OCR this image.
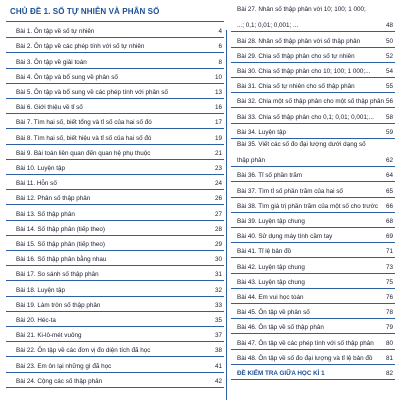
CHỦ ĐỀ 1. SỐ TỰ NHIÊN VÀ PHÂN SỐ
Bài 1. Ôn tập về số tự nhiên	4
Bài 2. Ôn tập về các phép tính với số tự nhiên	6
Bài 3. Ôn tập về giải toán	8
Bài 4. Ôn tập và bổ sung về phân số	10
Bài 5. Ôn tập và bổ sung về các phép tính với phân số	13
Bài 6. Giới thiệu về tỉ số	16
Bài 7. Tìm hai số, biết tổng và tỉ số của hai số đó	17
Bài 8. Tìm hai số, biết hiệu và tỉ số của hai số đó	19
Bài 9. Bài toán liên quan đến quan hệ phụ thuộc	21
Bài 10. Luyện tập	23
Bài 11. Hỗn số	24
Bài 12. Phân số thập phân	26
Bài 13. Số thập phân	27
Bài 14. Số thập phân (tiếp theo)	28
Bài 15. Số thập phân (tiếp theo)	29
Bài 16. Số thập phân bằng nhau	30
Bài 17. So sánh số thập phân	31
Bài 18. Luyện tập	32
Bài 19. Làm tròn số thập phân	33
Bài 20. Héc-ta	35
Bài 21. Ki-lô-mét vuông	37
Bài 22. Ôn tập về các đơn vị đo diện tích đã học	38
Bài 23. Em ôn lại những gì đã học	41
Bài 24. Cộng các số thập phân	42
Bài 27. Nhân số thập phân với 10; 100; 1 000;
...; 0,1; 0,01; 0,001; ...	48
Bài 28. Nhân số thập phân với số thập phân	50
Bài 29. Chia số thập phân cho số tự nhiên	52
Bài 30. Chia số thập phân cho 10; 100; 1 000;... 54
Bài 31. Chia số tự nhiên cho số thập phân	55
Bài 32. Chia một số thập phân cho một số thập phân 56
Bài 33. Chia số thập phân cho 0,1; 0,01; 0,001;... 58
Bài 34. Luyện tập	59
Bài 35. Viết các số đo đại lượng dưới dạng số
thập phân	62
Bài 36. Tỉ số phần trăm	64
Bài 37. Tìm tỉ số phần trăm của hai số	65
Bài 38. Tìm giá trị phần trăm của một số cho trước 66
Bài 39. Luyện tập chung	68
Bài 40. Sử dụng máy tính cầm tay	69
Bài 41. Tỉ lệ bản đồ	71
Bài 42. Luyện tập chung	73
Bài 43. Luyện tập chung	75
Bài 44. Em vui học toán	76
Bài 45. Ôn tập về phân số	78
Bài 46. Ôn tập về số thập phân	79
Bài 47. Ôn tập về các phép tính với số thập phân 80
Bài 48. Ôn tập về số đo đại lượng và tỉ lệ bản đồ 81
ĐỀ KIỂM TRA GIỮA HỌC KÌ 1	82
